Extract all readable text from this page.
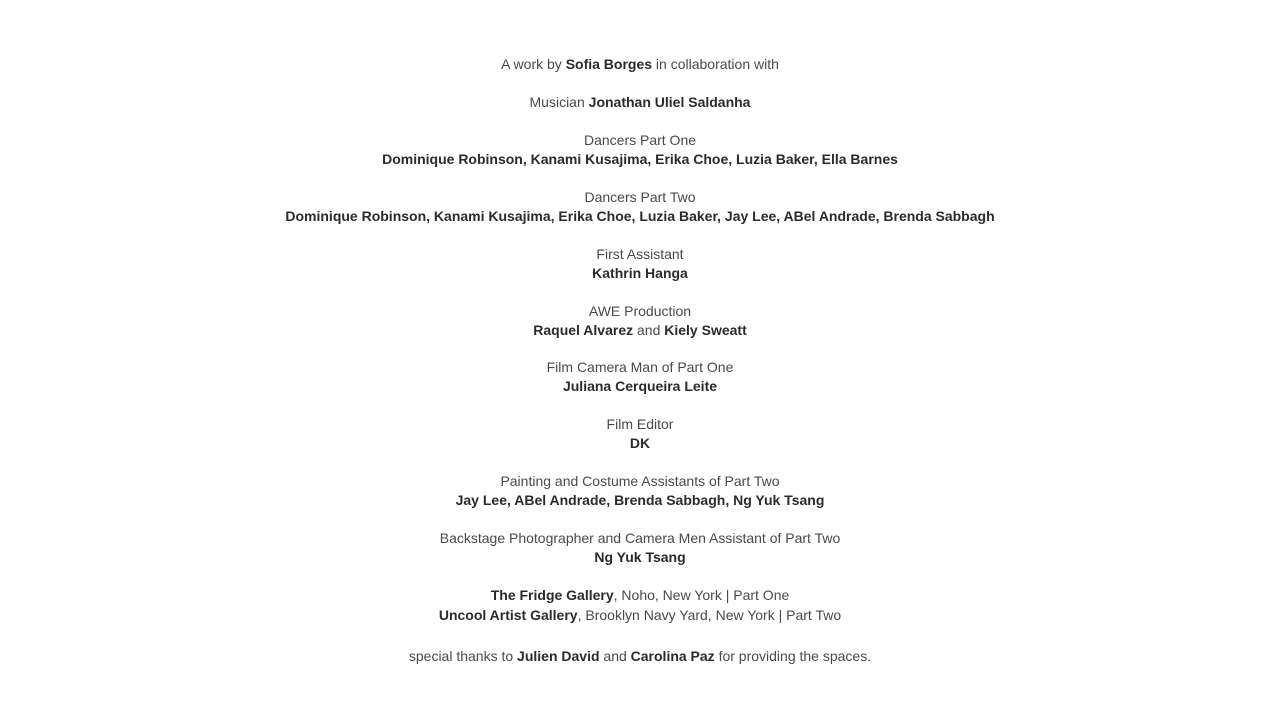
A work by Sofia Borges in collaboration with
Musician Jonathan Uliel Saldanha
Dancers Part One
Dominique Robinson, Kanami Kusajima, Erika Choe, Luzia Baker, Ella Barnes
Dancers Part Two
Dominique Robinson, Kanami Kusajima, Erika Choe, Luzia Baker, Jay Lee, ABel Andrade, Brenda Sabbagh
First Assistant
Kathrin Hanga
AWE Production
Raquel Alvarez and Kiely Sweatt
Film Camera Man of Part One
Juliana Cerqueira Leite
Film Editor
DK
Painting and Costume Assistants of Part Two
Jay Lee, ABel Andrade, Brenda Sabbagh, Ng Yuk Tsang
Backstage Photographer and Camera Men Assistant of Part Two
Ng Yuk Tsang
The Fridge Gallery, Noho, New York | Part One
Uncool Artist Gallery, Brooklyn Navy Yard, New York | Part Two
special thanks to Julien David and Carolina Paz for providing the spaces.
